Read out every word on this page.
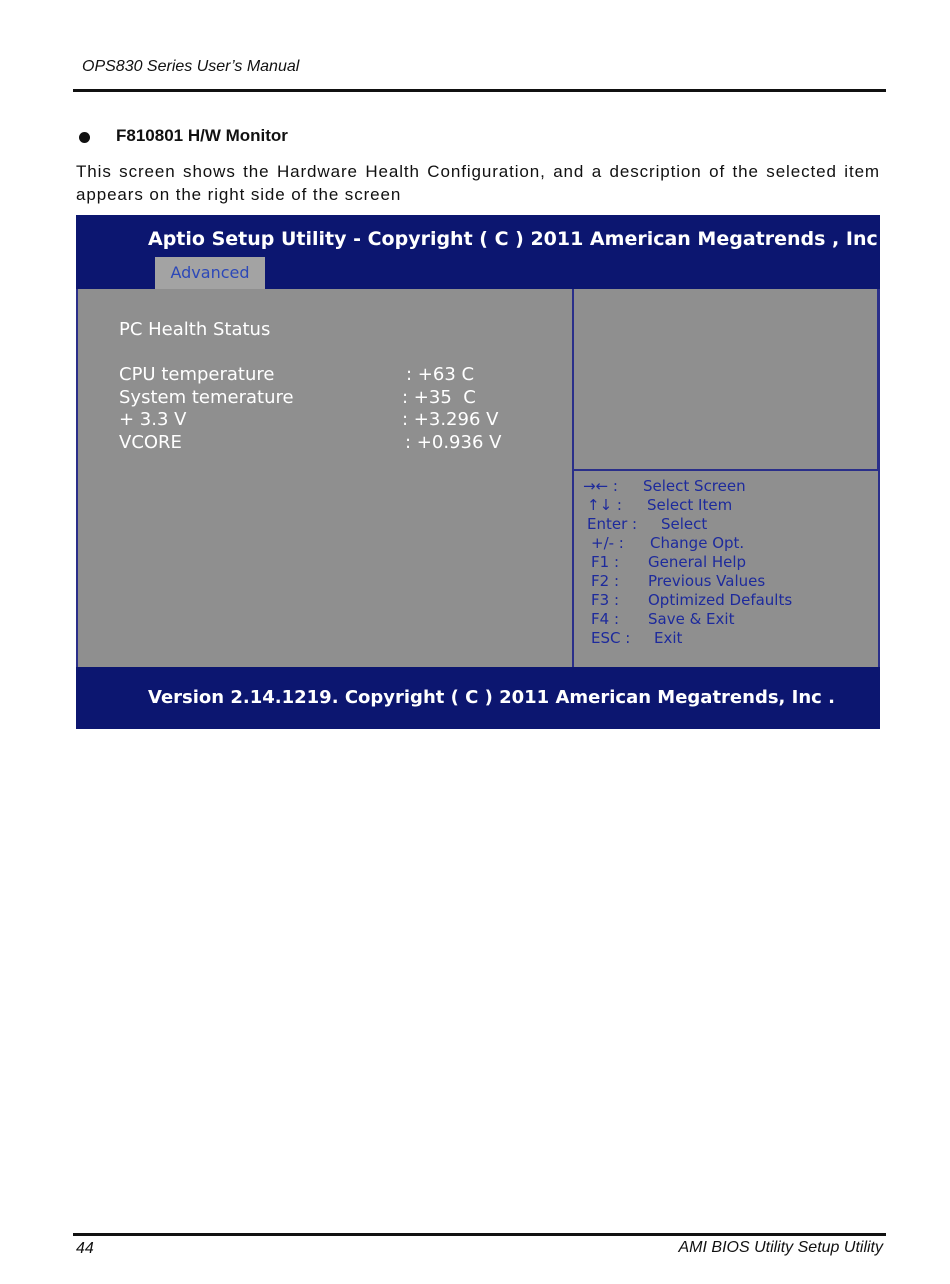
OPS830 Series User’s Manual
F810801 H/W Monitor
This screen shows the Hardware Health Configuration, and a description of the selected item appears on the right side of the screen
Aptio Setup Utility - Copyright ( C ) 2011 American Megatrends , Inc .
Advanced
PC Health Status
CPU temperature	: +63 C
System temerature	: +35  C
+ 3.3 V	: +3.296 V
VCORE	: +0.936 V
→← : Select Screen
↑↓ : Select Item
Enter : Select
+/- : Change Opt.
F1 : General Help
F2 : Previous Values
F3 : Optimized Defaults
F4 : Save & Exit
ESC : Exit
Version 2.14.1219. Copyright ( C ) 2011 American Megatrends, Inc .
44	AMI BIOS Utility Setup Utility
